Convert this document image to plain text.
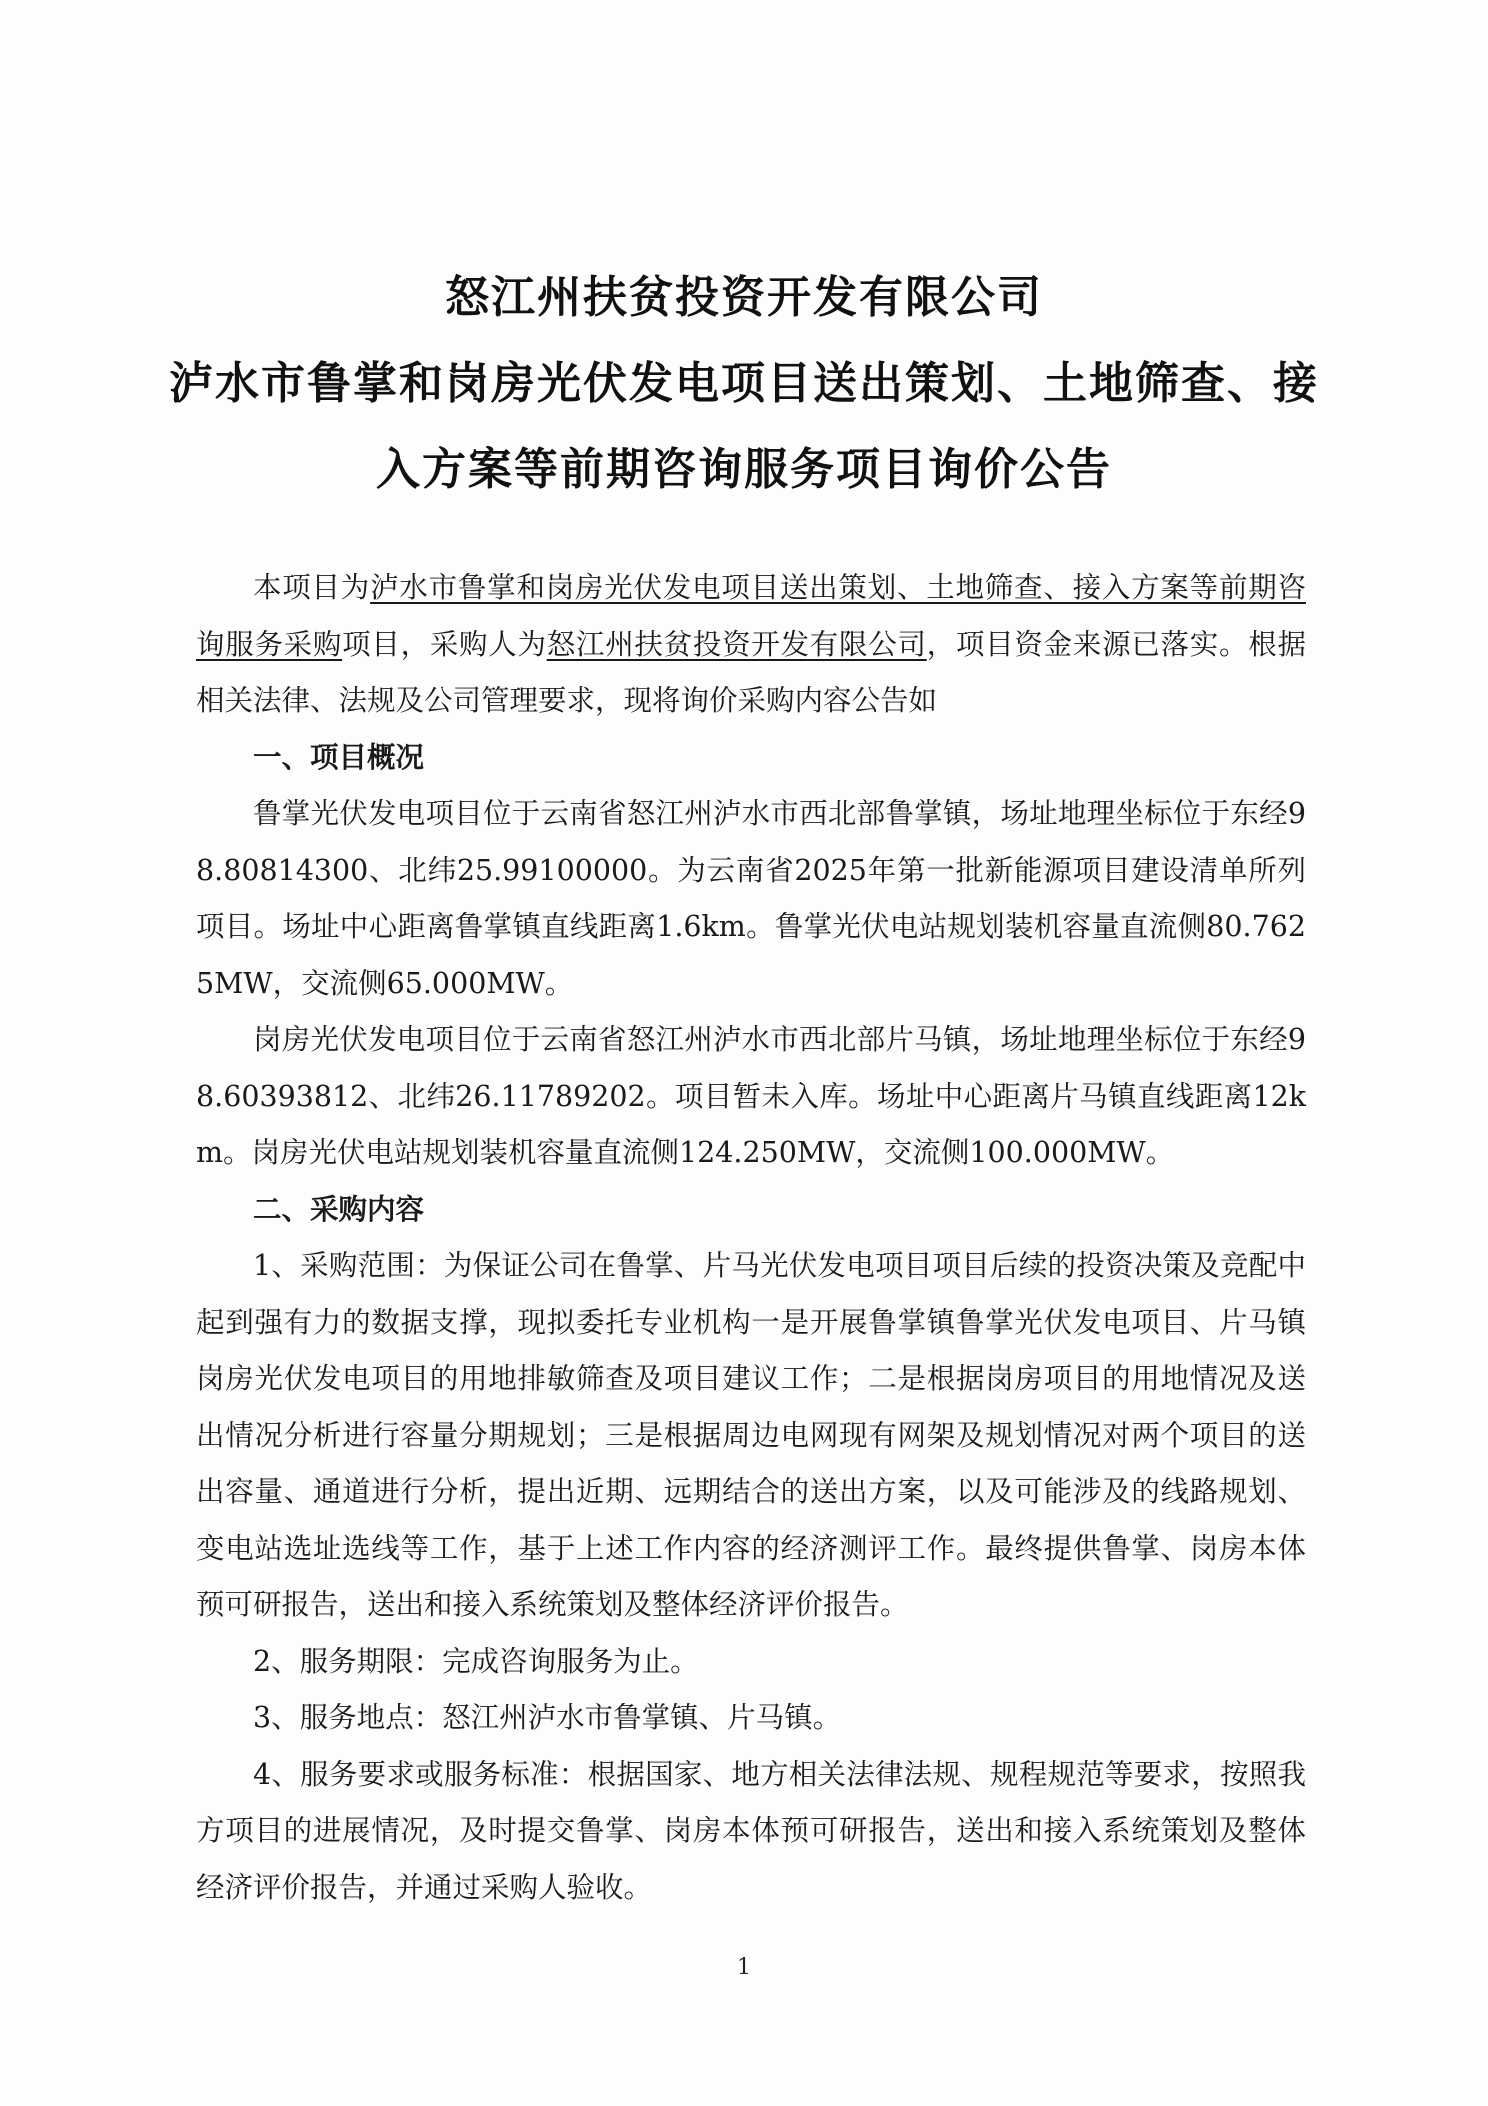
怒江州扶贫投资开发有限公司
泸水市鲁掌和岗房光伏发电项目送出策划、土地筛查、接
入方案等前期咨询服务项目询价公告

本项目为泸水市鲁掌和岗房光伏发电项目送出策划、土地筛查、接入方案等前期咨询服务采购项目，采购人为怒江州扶贫投资开发有限公司，项目资金来源已落实。根据相关法律、法规及公司管理要求，现将询价采购内容公告如

一、项目概况

鲁掌光伏发电项目位于云南省怒江州泸水市西北部鲁掌镇，场址地理坐标位于东经98.80814300、北纬25.99100000。为云南省2025年第一批新能源项目建设清单所列项目。场址中心距离鲁掌镇直线距离1.6km。鲁掌光伏电站规划装机容量直流侧80.7625MW，交流侧65.000MW。

岗房光伏发电项目位于云南省怒江州泸水市西北部片马镇，场址地理坐标位于东经98.60393812、北纬26.11789202。项目暂未入库。场址中心距离片马镇直线距离12km。岗房光伏电站规划装机容量直流侧124.250MW，交流侧100.000MW。

二、采购内容

1、采购范围：为保证公司在鲁掌、片马光伏发电项目项目后续的投资决策及竞配中起到强有力的数据支撑，现拟委托专业机构一是开展鲁掌镇鲁掌光伏发电项目、片马镇岗房光伏发电项目的用地排敏筛查及项目建议工作；二是根据岗房项目的用地情况及送出情况分析进行容量分期规划；三是根据周边电网现有网架及规划情况对两个项目的送出容量、通道进行分析，提出近期、远期结合的送出方案，以及可能涉及的线路规划、变电站选址选线等工作，基于上述工作内容的经济测评工作。最终提供鲁掌、岗房本体预可研报告，送出和接入系统策划及整体经济评价报告。

2、服务期限：完成咨询服务为止。

3、服务地点：怒江州泸水市鲁掌镇、片马镇。

4、服务要求或服务标准：根据国家、地方相关法律法规、规程规范等要求，按照我方项目的进展情况，及时提交鲁掌、岗房本体预可研报告，送出和接入系统策划及整体经济评价报告，并通过采购人验收。

1
